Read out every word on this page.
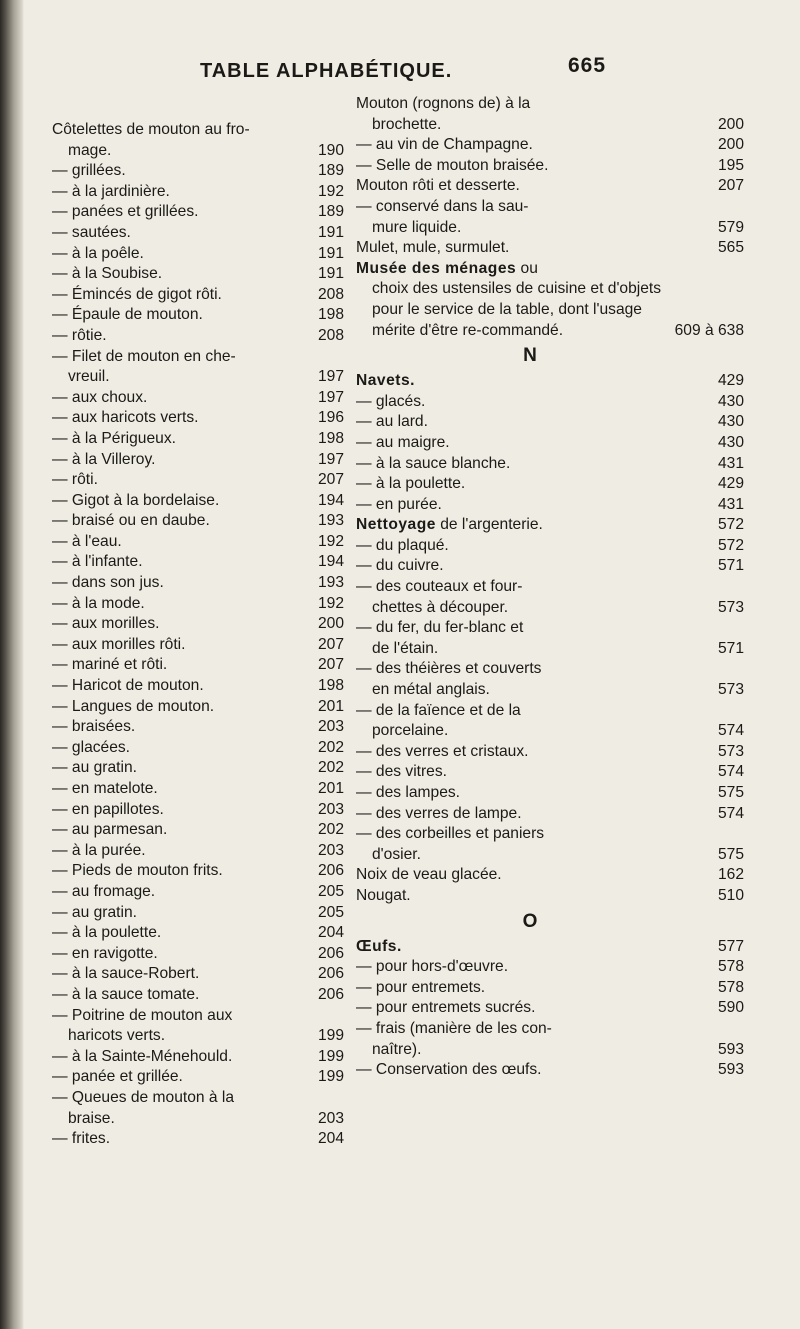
TABLE ALPHABÉTIQUE.	665
Côtelettes de mouton au fro-
mage.	190
— grillées.	189
— à la jardinière.	192
— panées et grillées.	189
— sautées.	191
— à la poêle.	191
— à la Soubise.	191
— Émincés de gigot rôti.	208
— Épaule de mouton.	198
— rôtie.	208
— Filet de mouton en che-
vreuil.	197
— aux choux.	197
— aux haricots verts.	196
— à la Périgueux.	198
— à la Villeroy.	197
— rôti.	207
— Gigot à la bordelaise.	194
— braisé ou en daube.	193
— à l'eau.	192
— à l'infante.	194
— dans son jus.	193
— à la mode.	192
— aux morilles.	200
— aux morilles rôti.	207
— mariné et rôti.	207
— Haricot de mouton.	198
— Langues de mouton.	201
— braisées.	203
— glacées.	202
— au gratin.	202
— en matelote.	201
— en papillotes.	203
— au parmesan.	202
— à la purée.	203
— Pieds de mouton frits.	206
— au fromage.	205
— au gratin.	205
— à la poulette.	204
— en ravigotte.	206
— à la sauce-Robert.	206
— à la sauce tomate.	206
— Poitrine de mouton aux
haricots verts.	199
— à la Sainte-Ménehould.	199
— panée et grillée.	199
— Queues de mouton à la
braise.	203
— frites.	204
Mouton (rognons de) à la
brochette.	200
— au vin de Champagne.	200
— Selle de mouton braisée.	195
Mouton rôti et desserte.	207
— conservé dans la sau-
mure liquide.	579
Mulet, mule, surmulet.	565
Musée des ménages ou
choix des ustensiles de cuisine et d'objets pour le service de la table, dont l'usage mérite d'être re-commandé.	609 à 638
N
Navets.	429
— glacés.	430
— au lard.	430
— au maigre.	430
— à la sauce blanche.	431
— à la poulette.	429
— en purée.	431
Nettoyage de l'argenterie.	572
— du plaqué.	572
— du cuivre.	571
— des couteaux et four-
chettes à découper.	573
— du fer, du fer-blanc et
de l'étain.	571
— des théières et couverts
en métal anglais.	573
— de la faïence et de la
porcelaine.	574
— des verres et cristaux.	573
— des vitres.	574
— des lampes.	575
— des verres de lampe.	574
— des corbeilles et paniers
d'osier.	575
Noix de veau glacée.	162
Nougat.	510
O
Œufs.	577
— pour hors-d'œuvre.	578
— pour entremets.	578
— pour entremets sucrés.	590
— frais (manière de les con-
naître).	593
— Conservation des œufs.	593
